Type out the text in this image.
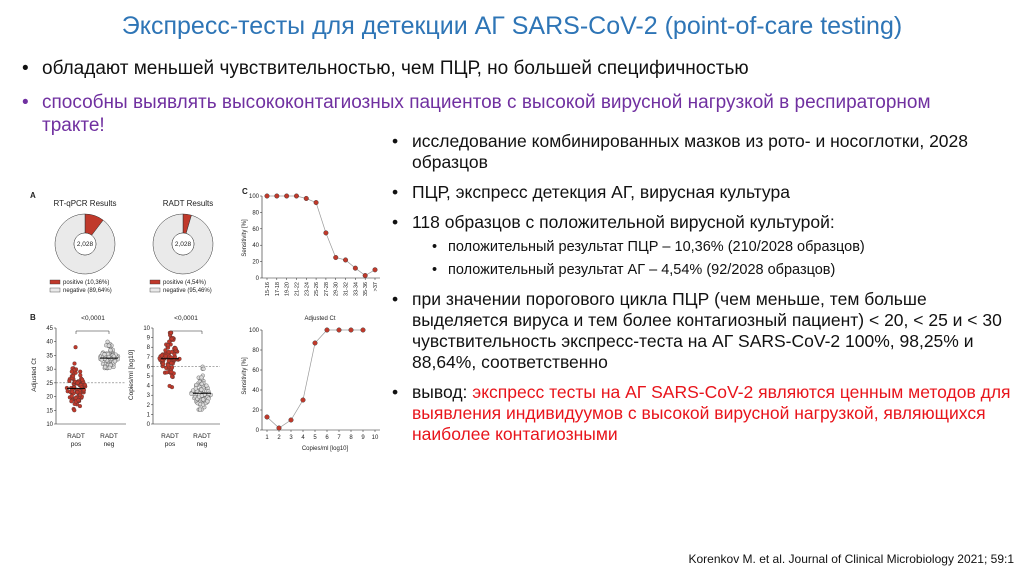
Экспресс-тесты для детекции АГ SARS-CoV-2 (point-of-care testing)
• обладают меньшей чувствительностью, чем ПЦР, но большей специфичностью
• способны выявлять высококонтагиозных пациентов с высокой вирусной нагрузкой в респираторном тракте!
A
RT-qPCR Results
2,028
positive (10,36%)
negative (89,64%)
RADT Results
2,028
positive (4,54%)
negative (95,46%)
B
10
15
20
25
30
35
40
45
Adjusted Ct
<0,0001
RADT
pos
RADT
neg
0
1
2
3
4
5
6
7
8
9
10
Copies/ml [log10]
<0,0001
RADT
pos
RADT
neg
C
0
20
40
60
80
100
15-16 17-18 19-20 21-22 23-24 25-26 27-28 29-30 31-32 33-34 35-36 >37
Sensitivity [%]
Adjusted Ct
0
20
40
60
80
100
1 2 3 4 5 6 7 8 9 10
Sensitivity [%]
Copies/ml [log10]
• исследование комбинированных мазков из рото- и носоглотки, 2028 образцов
• ПЦР, экспресс детекция АГ, вирусная культура
• 118 образцов с положительной вирусной культурой:
• положительный результат ПЦР – 10,36% (210/2028 образцов)
• положительный результат АГ – 4,54% (92/2028 образцов)
• при значении порогового цикла ПЦР (чем меньше, тем больше выделяется вируса и тем более контагиозный пациент) < 20, < 25 и < 30 чувствительность экспресс-теста на АГ SARS-CoV-2 100%, 98,25% и 88,64%, соответственно
• вывод: экспресс тесты на АГ SARS-CoV-2 являются ценным методов для выявления индивидуумов с высокой вирусной нагрузкой, являющихся наиболее контагиозными
Korenkov M. et al. Journal of Clinical Microbiology 2021; 59:1
